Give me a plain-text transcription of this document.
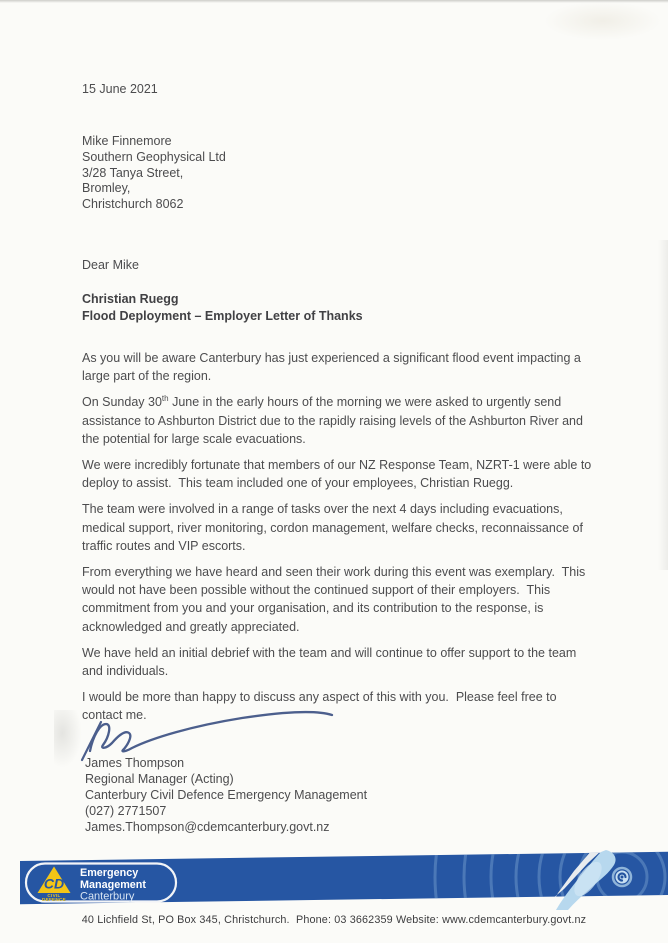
15 June 2021
Mike Finnemore
Southern Geophysical Ltd
3/28 Tanya Street,
Bromley,
Christchurch 8062
Dear Mike
Christian Ruegg
Flood Deployment – Employer Letter of Thanks
As you will be aware Canterbury has just experienced a significant flood event impacting a
large part of the region.
On Sunday 30th June in the early hours of the morning we were asked to urgently send
assistance to Ashburton District due to the rapidly raising levels of the Ashburton River and
the potential for large scale evacuations.
We were incredibly fortunate that members of our NZ Response Team, NZRT-1 were able to
deploy to assist.  This team included one of your employees, Christian Ruegg.
The team were involved in a range of tasks over the next 4 days including evacuations,
medical support, river monitoring, cordon management, welfare checks, reconnaissance of
traffic routes and VIP escorts.
From everything we have heard and seen their work during this event was exemplary.  This
would not have been possible without the continued support of their employers.  This
commitment from you and your organisation, and its contribution to the response, is
acknowledged and greatly appreciated.
We have held an initial debrief with the team and will continue to offer support to the team
and individuals.
I would be more than happy to discuss any aspect of this with you.  Please feel free to
contact me.
James Thompson
Regional Manager (Acting)
Canterbury Civil Defence Emergency Management
(027) 2771507
James.Thompson@cdemcanterbury.govt.nz
CD
CIVIL
DEFENCE
Emergency
Management
Canterbury
40 Lichfield St, PO Box 345, Christchurch.  Phone: 03 3662359 Website: www.cdemcanterbury.govt.nz
